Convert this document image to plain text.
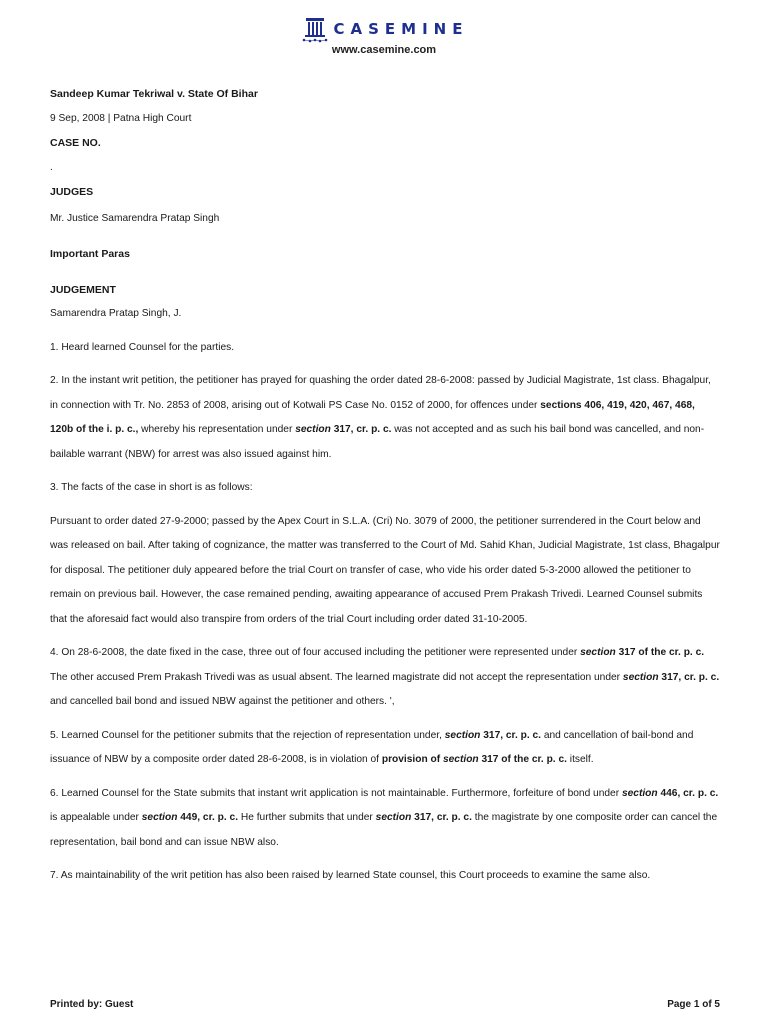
CASEMINE
www.casemine.com

Sandeep Kumar Tekriwal v. State Of Bihar

9 Sep, 2008 | Patna High Court

CASE NO.

.

JUDGES

Mr. Justice Samarendra Pratap Singh

Important Paras

JUDGEMENT

Samarendra Pratap Singh, J.

1. Heard learned Counsel for the parties.

2. In the instant writ petition, the petitioner has prayed for quashing the order dated 28-6-2008: passed by Judicial Magistrate, 1st class. Bhagalpur, in connection with Tr. No. 2853 of 2008, arising out of Kotwali PS Case No. 0152 of 2000, for offences under sections 406, 419, 420, 467, 468, 120b of the i. p. c., whereby his representation under section 317, cr. p. c. was not accepted and as such his bail bond was cancelled, and non-bailable warrant (NBW) for arrest was also issued against him.

3. The facts of the case in short is as follows:

Pursuant to order dated 27-9-2000; passed by the Apex Court in S.L.A. (Cri) No. 3079 of 2000, the petitioner surrendered in the Court below and was released on bail. After taking of cognizance, the matter was transferred to the Court of Md. Sahid Khan, Judicial Magistrate, 1st class, Bhagalpur for disposal. The petitioner duly appeared before the trial Court on transfer of case, who vide his order dated 5-3-2000 allowed the petitioner to remain on previous bail. However, the case remained pending, awaiting appearance of accused Prem Prakash Trivedi. Learned Counsel submits that the aforesaid fact would also transpire from orders of the trial Court including order dated 31-10-2005.

4. On 28-6-2008, the date fixed in the case, three out of four accused including the petitioner were represented under section 317 of the cr. p. c. The other accused Prem Prakash Trivedi was as usual absent. The learned magistrate did not accept the representation under section 317, cr. p. c. and cancelled bail bond and issued NBW against the petitioner and others. ',

5. Learned Counsel for the petitioner submits that the rejection of representation under, section 317, cr. p. c. and cancellation of bail-bond and issuance of NBW by a composite order dated 28-6-2008, is in violation of provision of section 317 of the cr. p. c. itself.

6. Learned Counsel for the State submits that instant writ application is not maintainable. Furthermore, forfeiture of bond under section 446, cr. p. c. is appealable under section 449, cr. p. c. He further submits that under section 317, cr. p. c. the magistrate by one composite order can cancel the representation, bail bond and can issue NBW also.

7. As maintainability of the writ petition has also been raised by learned State counsel, this Court proceeds to examine the same also.

Printed by: Guest	Page 1 of 5
